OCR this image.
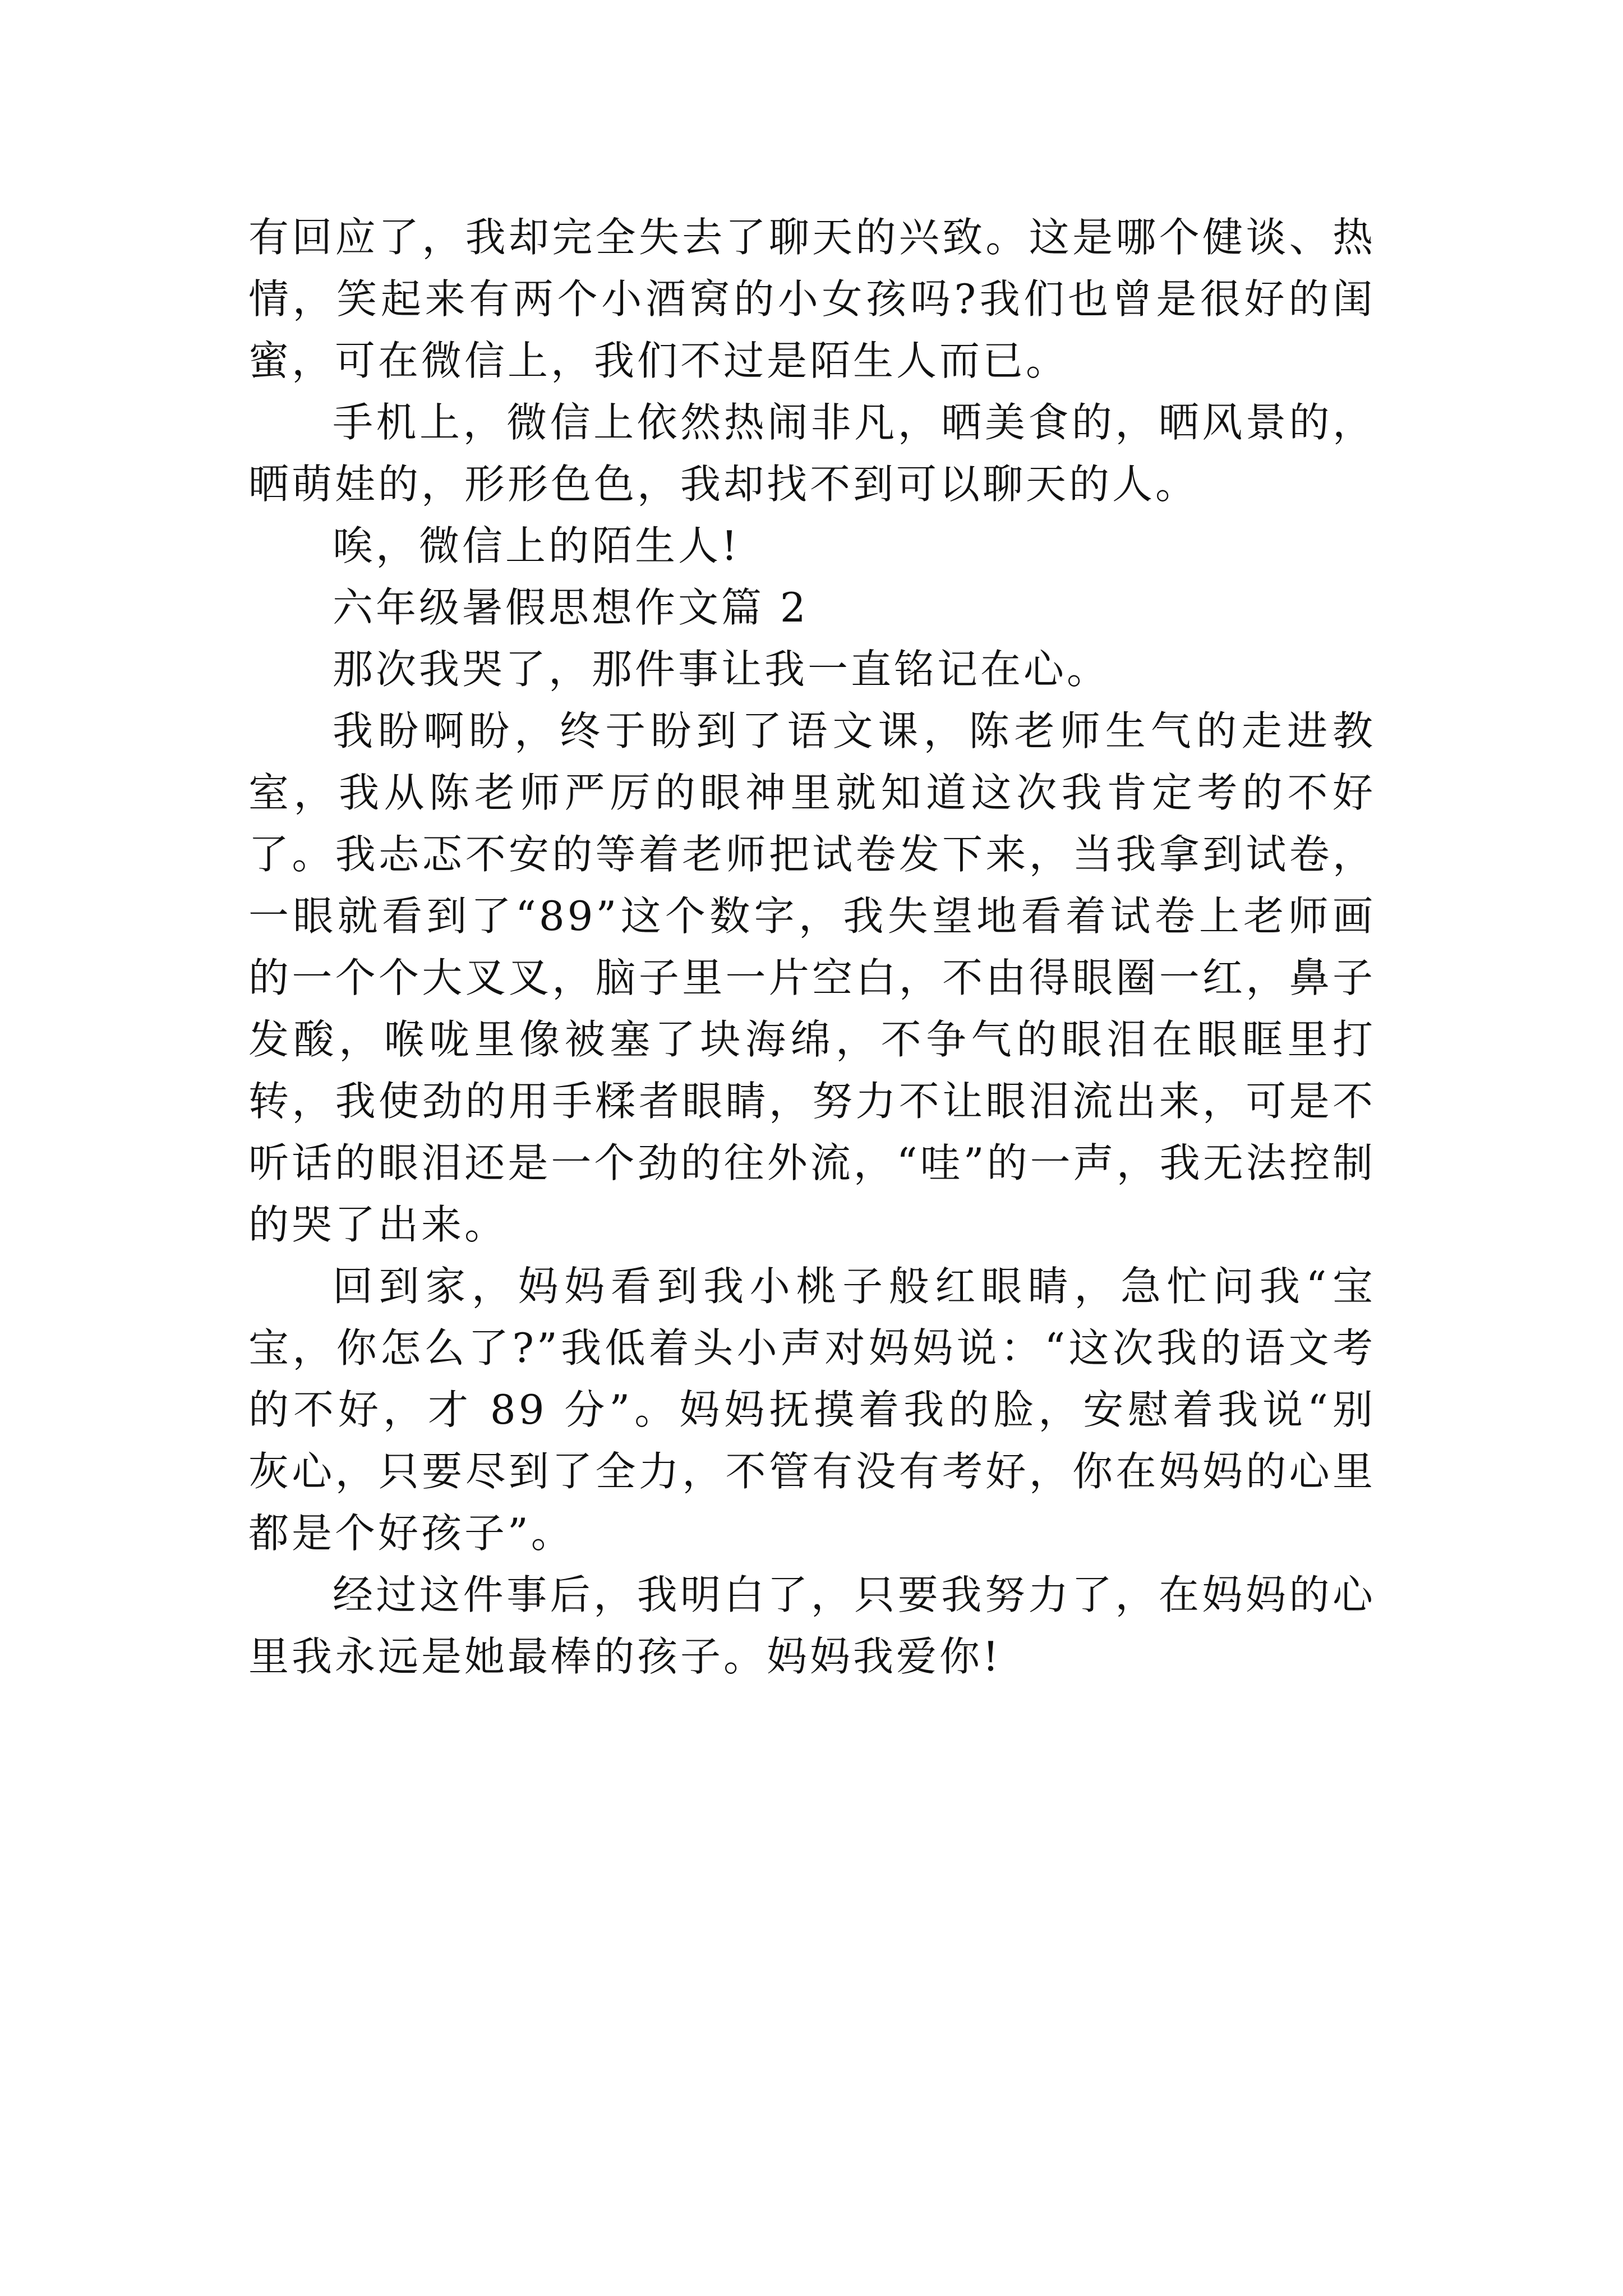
有回应了，我却完全失去了聊天的兴致。这是哪个健谈、热情，笑起来有两个小酒窝的小女孩吗?我们也曾是很好的闺蜜，可在微信上，我们不过是陌生人而已。

手机上，微信上依然热闹非凡，晒美食的，晒风景的，晒萌娃的，形形色色，我却找不到可以聊天的人。

唉，微信上的陌生人!

六年级暑假思想作文篇 2

那次我哭了，那件事让我一直铭记在心。

我盼啊盼，终于盼到了语文课，陈老师生气的走进教室，我从陈老师严厉的眼神里就知道这次我肯定考的不好了。我忐忑不安的等着老师把试卷发下来，当我拿到试卷，一眼就看到了“89”这个数字，我失望地看着试卷上老师画的一个个大叉叉，脑子里一片空白，不由得眼圈一红，鼻子发酸，喉咙里像被塞了块海绵，不争气的眼泪在眼眶里打转，我使劲的用手糅者眼睛，努力不让眼泪流出来，可是不听话的眼泪还是一个劲的往外流，“哇”的一声，我无法控制的哭了出来。

回到家，妈妈看到我小桃子般红眼睛，急忙问我“宝宝，你怎么了?”我低着头小声对妈妈说：“这次我的语文考的不好，才 89 分”。妈妈抚摸着我的脸，安慰着我说“别灰心，只要尽到了全力，不管有没有考好，你在妈妈的心里都是个好孩子”。

经过这件事后，我明白了，只要我努力了，在妈妈的心里我永远是她最棒的孩子。妈妈我爱你!
